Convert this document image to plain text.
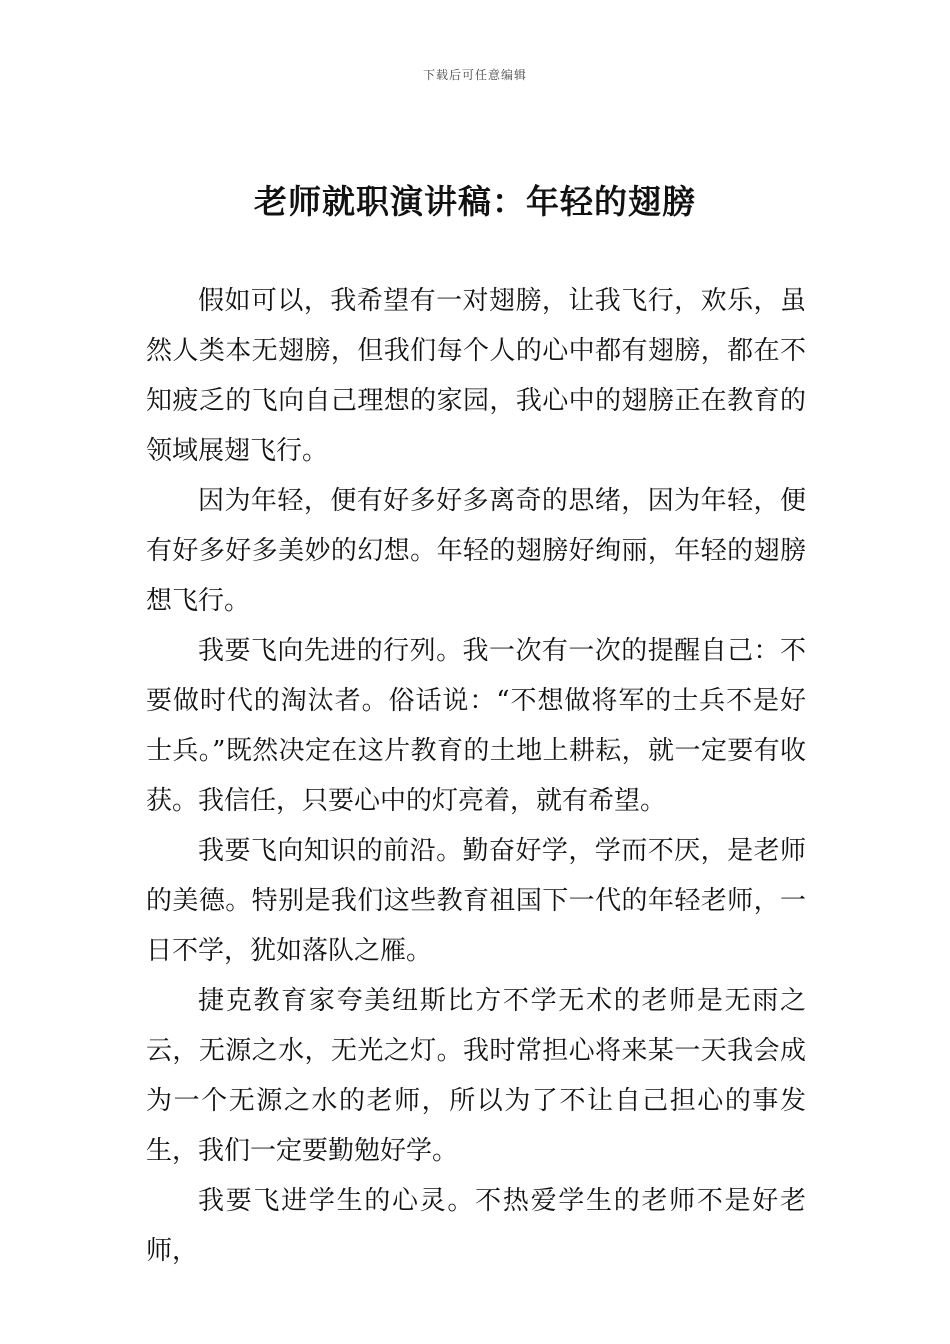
下载后可任意编辑
老师就职演讲稿：年轻的翅膀

假如可以，我希望有一对翅膀，让我飞行，欢乐，虽然人类本无翅膀，但我们每个人的心中都有翅膀，都在不知疲乏的飞向自己理想的家园，我心中的翅膀正在教育的领域展翅飞行。

因为年轻，便有好多好多离奇的思绪，因为年轻，便有好多好多美妙的幻想。年轻的翅膀好绚丽，年轻的翅膀想飞行。

我要飞向先进的行列。我一次有一次的提醒自己：不要做时代的淘汰者。俗话说：“不想做将军的士兵不是好士兵。”既然决定在这片教育的土地上耕耘，就一定要有收获。我信任，只要心中的灯亮着，就有希望。

我要飞向知识的前沿。勤奋好学，学而不厌，是老师的美德。特别是我们这些教育祖国下一代的年轻老师，一日不学，犹如落队之雁。

捷克教育家夸美纽斯比方不学无术的老师是无雨之云，无源之水，无光之灯。我时常担心将来某一天我会成为一个无源之水的老师，所以为了不让自己担心的事发生，我们一定要勤勉好学。

我要飞进学生的心灵。不热爱学生的老师不是好老师，
